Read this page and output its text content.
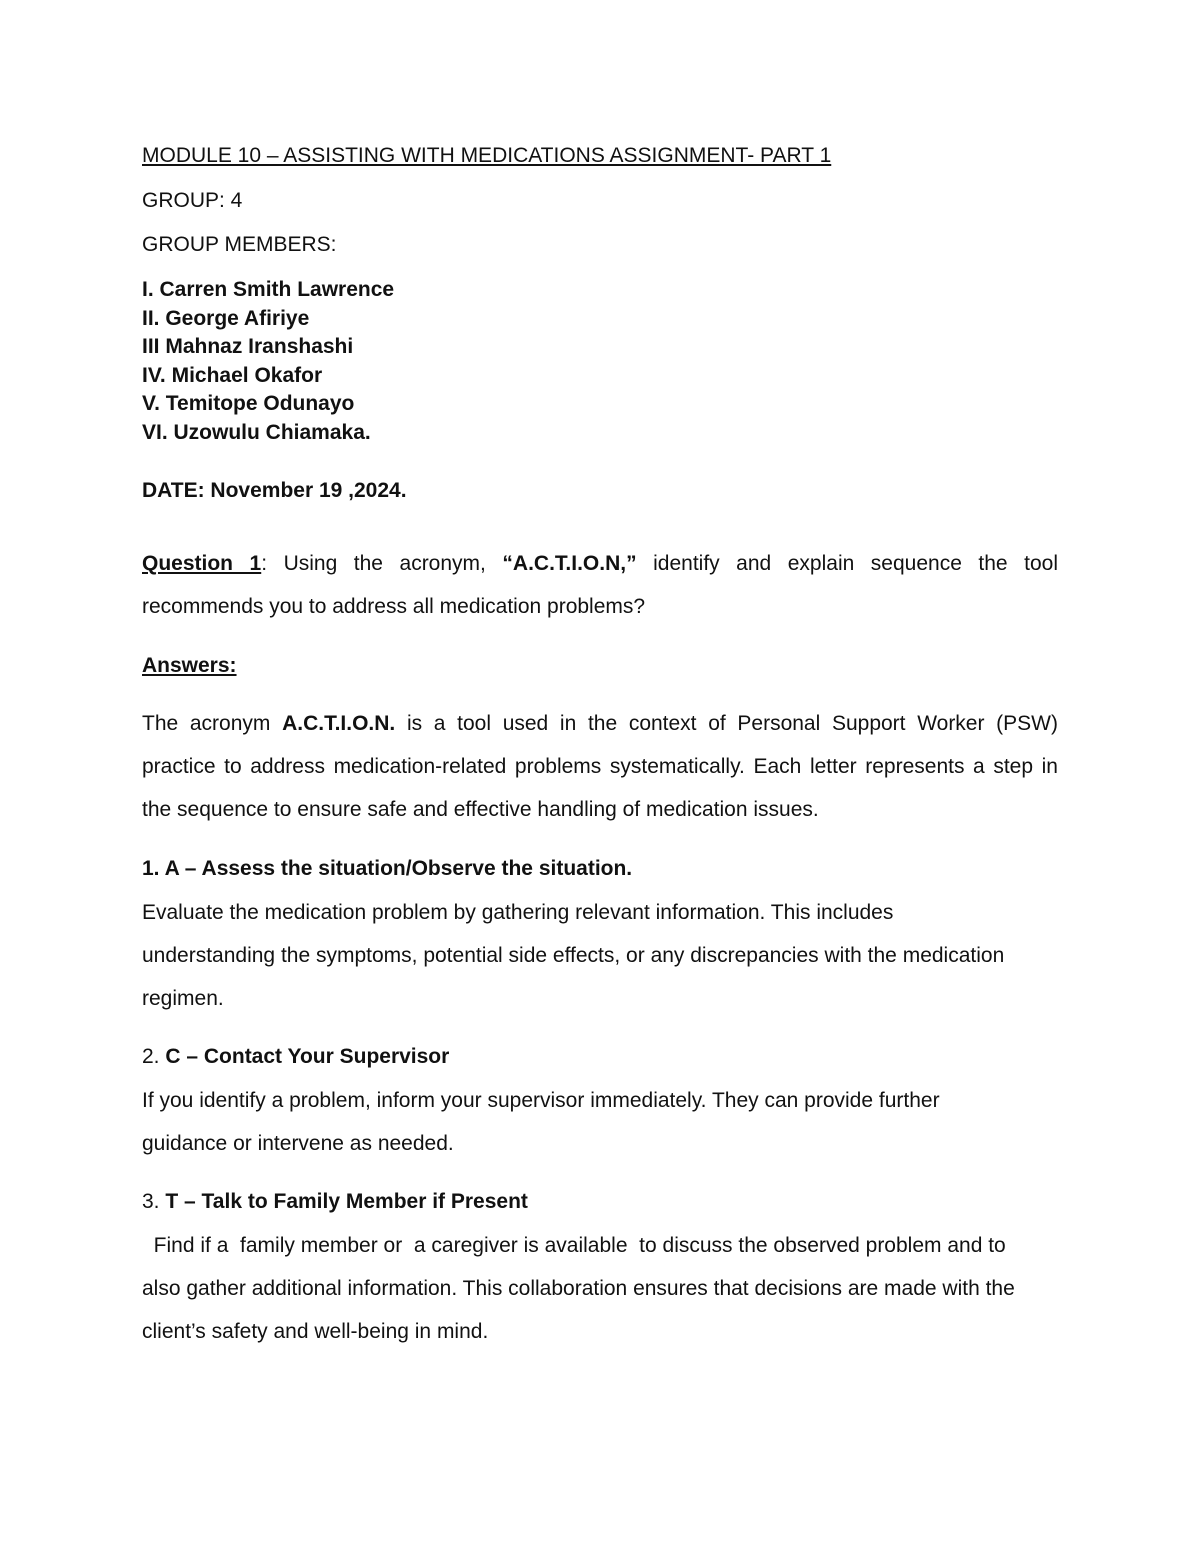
MODULE 10 – ASSISTING WITH MEDICATIONS ASSIGNMENT- PART 1
GROUP: 4
GROUP MEMBERS:
I. Carren Smith Lawrence
II. George Afiriye
III Mahnaz Iranshashi
IV. Michael Okafor
V. Temitope Odunayo
VI. Uzowulu Chiamaka.
DATE: November 19 ,2024.
Question 1: Using the acronym, “A.C.T.I.O.N,” identify and explain sequence the tool
recommends you to address all medication problems?
Answers:
The acronym A.C.T.I.O.N. is a tool used in the context of Personal Support Worker (PSW)
practice to address medication-related problems systematically. Each letter represents a step in
the sequence to ensure safe and effective handling of medication issues.
1. A – Assess the situation/Observe the situation.
Evaluate the medication problem by gathering relevant information. This includes
understanding the symptoms, potential side effects, or any discrepancies with the medication
regimen.
2. C – Contact Your Supervisor
If you identify a problem, inform your supervisor immediately. They can provide further
guidance or intervene as needed.
3. T – Talk to Family Member if Present
Find if a  family member or  a caregiver is available  to discuss the observed problem and to
also gather additional information. This collaboration ensures that decisions are made with the
client’s safety and well-being in mind.
